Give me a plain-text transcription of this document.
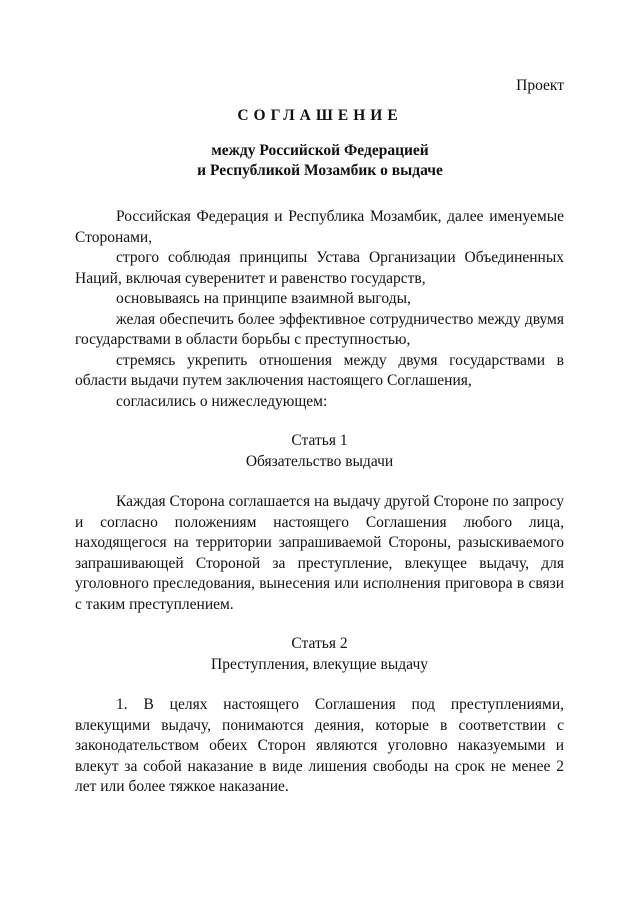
Проект
СОГЛАШЕНИЕ
между Российской Федерацией
и Республикой Мозамбик о выдаче

Российская Федерация и Республика Мозамбик, далее именуемые Сторонами,

строго соблюдая принципы Устава Организации Объединенных Наций, включая суверенитет и равенство государств,

основываясь на принципе взаимной выгоды,

желая обеспечить более эффективное сотрудничество между двумя государствами в области борьбы с преступностью,

стремясь укрепить отношения между двумя государствами в области выдачи путем заключения настоящего Соглашения,

согласились о нижеследующем:

Статья 1

Обязательство выдачи

Каждая Сторона соглашается на выдачу другой Стороне по запросу и согласно положениям настоящего Соглашения любого лица, находящегося на территории запрашиваемой Стороны, разыскиваемого запрашивающей Стороной за преступление, влекущее выдачу, для уголовного преследования, вынесения или исполнения приговора в связи с таким преступлением.

Статья 2

Преступления, влекущие выдачу

1. В целях настоящего Соглашения под преступлениями, влекущими выдачу, понимаются деяния, которые в соответствии с законодательством обеих Сторон являются уголовно наказуемыми и влекут за собой наказание в виде лишения свободы на срок не менее 2 лет или более тяжкое наказание.
